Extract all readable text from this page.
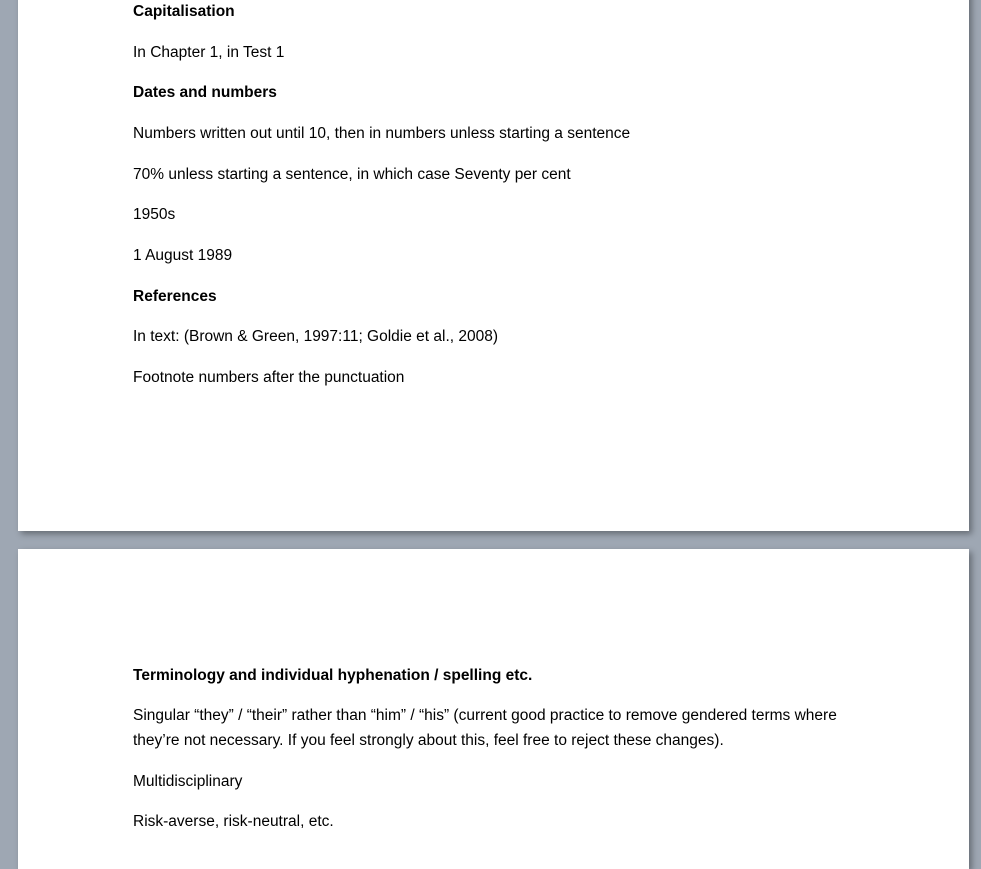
Capitalisation
In Chapter 1, in Test 1
Dates and numbers
Numbers written out until 10, then in numbers unless starting a sentence
70% unless starting a sentence, in which case Seventy per cent
1950s
1 August 1989
References
In text: (Brown & Green, 1997:11; Goldie et al., 2008)
Footnote numbers after the punctuation
Terminology and individual hyphenation / spelling etc.
Singular “they” / “their” rather than “him” / “his” (current good practice to remove gendered terms where they’re not necessary. If you feel strongly about this, feel free to reject these changes).
Multidisciplinary
Risk-averse, risk-neutral, etc.
